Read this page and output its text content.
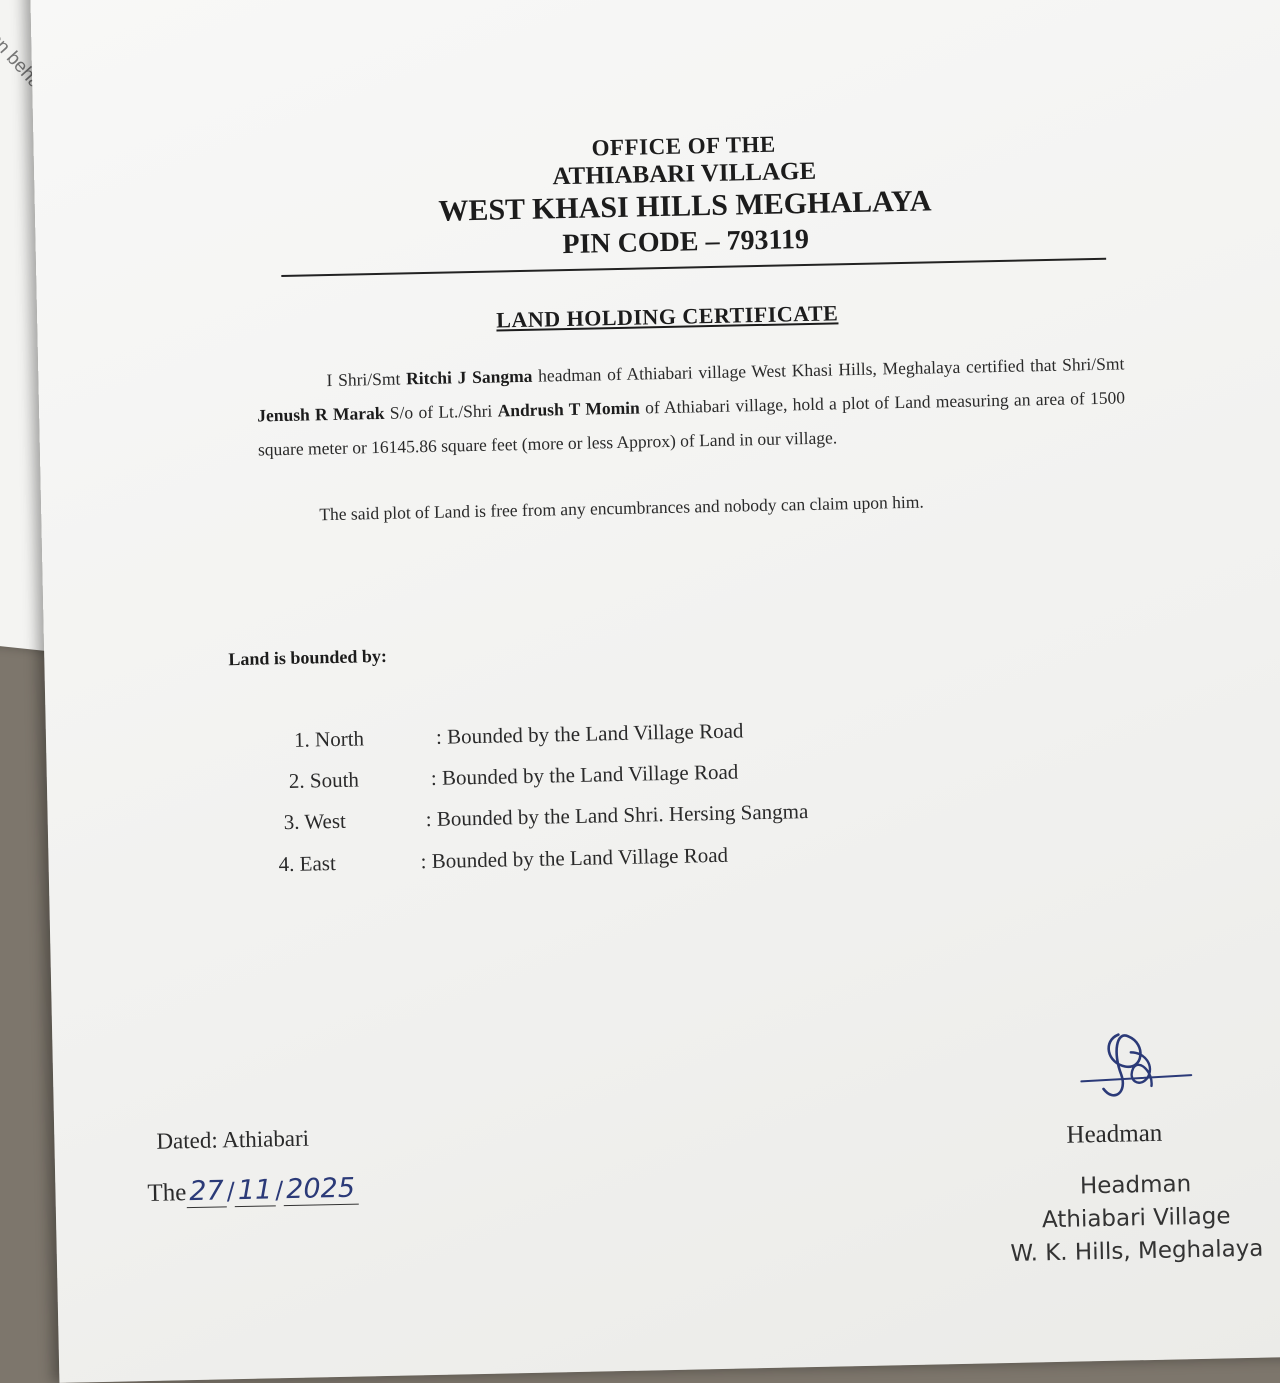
on behalf
OFFICE OF THE
ATHIABARI VILLAGE
WEST KHASI HILLS MEGHALAYA
PIN CODE – 793119
LAND HOLDING CERTIFICATE
I Shri/Smt Ritchi J Sangma headman of Athiabari village West Khasi Hills, Meghalaya certified that Shri/Smt Jenush R Marak S/o of Lt./Shri Andrush T Momin of Athiabari village, hold a plot of Land measuring an area of 1500 square meter or 16145.86 square feet (more or less Approx) of Land in our village.
The said plot of Land is free from any encumbrances and nobody can claim upon him.
Land is bounded by:
1. North	: Bounded by the Land Village Road
2. South	: Bounded by the Land Village Road
3. West	: Bounded by the Land Shri. Hersing Sangma
4. East	: Bounded by the Land Village Road
Dated: Athiabari
The27/11/2025
Headman
Headman
Athiabari Village
W. K. Hills, Meghalaya
